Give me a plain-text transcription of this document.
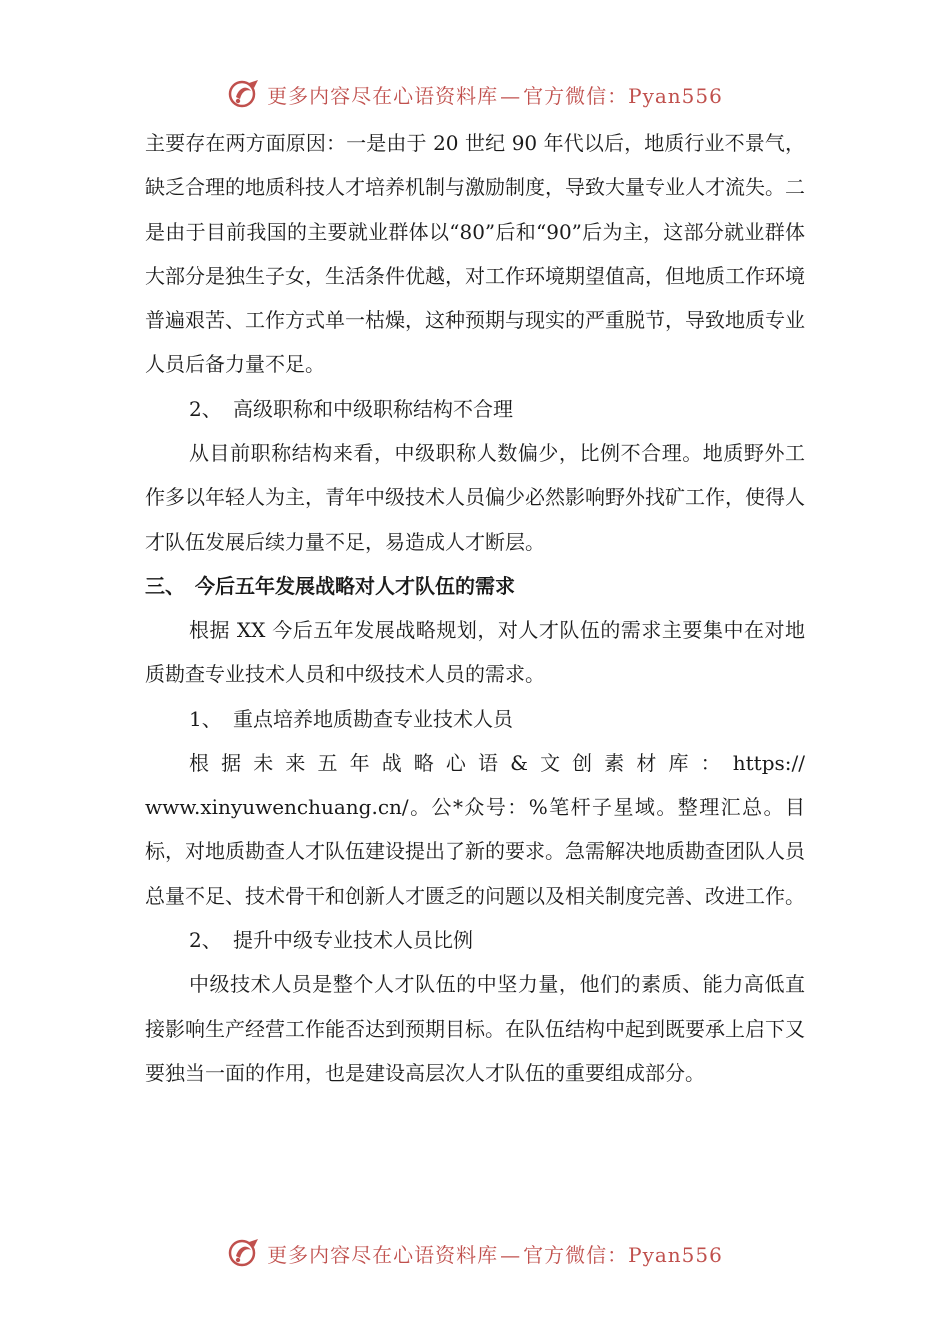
更多内容尽在心语资料库 — 官方微信：Pyan556

主要存在两方面原因：一是由于 20 世纪 90 年代以后，地质行业不景气，缺乏合理的地质科技人才培养机制与激励制度，导致大量专业人才流失。二是由于目前我国的主要就业群体以“80”后和“90”后为主，这部分就业群体大部分是独生子女，生活条件优越，对工作环境期望值高，但地质工作环境普遍艰苦、工作方式单一枯燥，这种预期与现实的严重脱节，导致地质专业人员后备力量不足。

2、 高级职称和中级职称结构不合理

从目前职称结构来看，中级职称人数偏少，比例不合理。地质野外工作多以年轻人为主，青年中级技术人员偏少必然影响野外找矿工作，使得人才队伍发展后续力量不足，易造成人才断层。

三、 今后五年发展战略对人才队伍的需求

根据 XX 今后五年发展战略规划，对人才队伍的需求主要集中在对地质勘查专业技术人员和中级技术人员的需求。

1、 重点培养地质勘查专业技术人员

根据未来五年战略心语&文创素材库：https://

www.xinyuwenchuang.cn/。公*众号：%笔杆子星域。整理汇总。目标，对地质勘查人才队伍建设提出了新的要求。急需解决地质勘查团队人员总量不足、技术骨干和创新人才匮乏的问题以及相关制度完善、改进工作。

2、 提升中级专业技术人员比例

中级技术人员是整个人才队伍的中坚力量，他们的素质、能力高低直接影响生产经营工作能否达到预期目标。在队伍结构中起到既要承上启下又要独当一面的作用，也是建设高层次人才队伍的重要组成部分。

更多内容尽在心语资料库 — 官方微信：Pyan556
